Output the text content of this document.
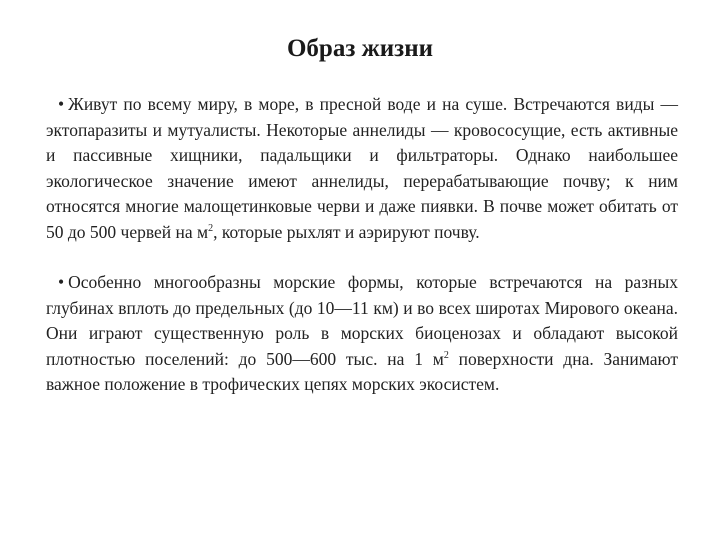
Образ жизни

• Живут по всему миру, в море, в пресной воде и на суше. Встречаются виды — эктопаразиты и мутуалисты. Некоторые аннелиды — кровососущие, есть активные и пассивные хищники, падальщики и фильтраторы. Однако наибольшее экологическое значение имеют аннелиды, перерабатывающие почву; к ним относятся многие малощетинковые черви и даже пиявки. В почве может обитать от 50 до 500 червей на $м^2$, которые рыхлят и аэрируют почву.

• Особенно многообразны морские формы, которые встречаются на разных глубинах вплоть до предельных (до 10—11 км) и во всех широтах Мирового океана. Они играют существенную роль в морских биоценозах и обладают высокой плотностью поселений: до 500—600 тыс. на 1 $м^2$ поверхности дна. Занимают важное положение в трофических цепях морских экосистем.
